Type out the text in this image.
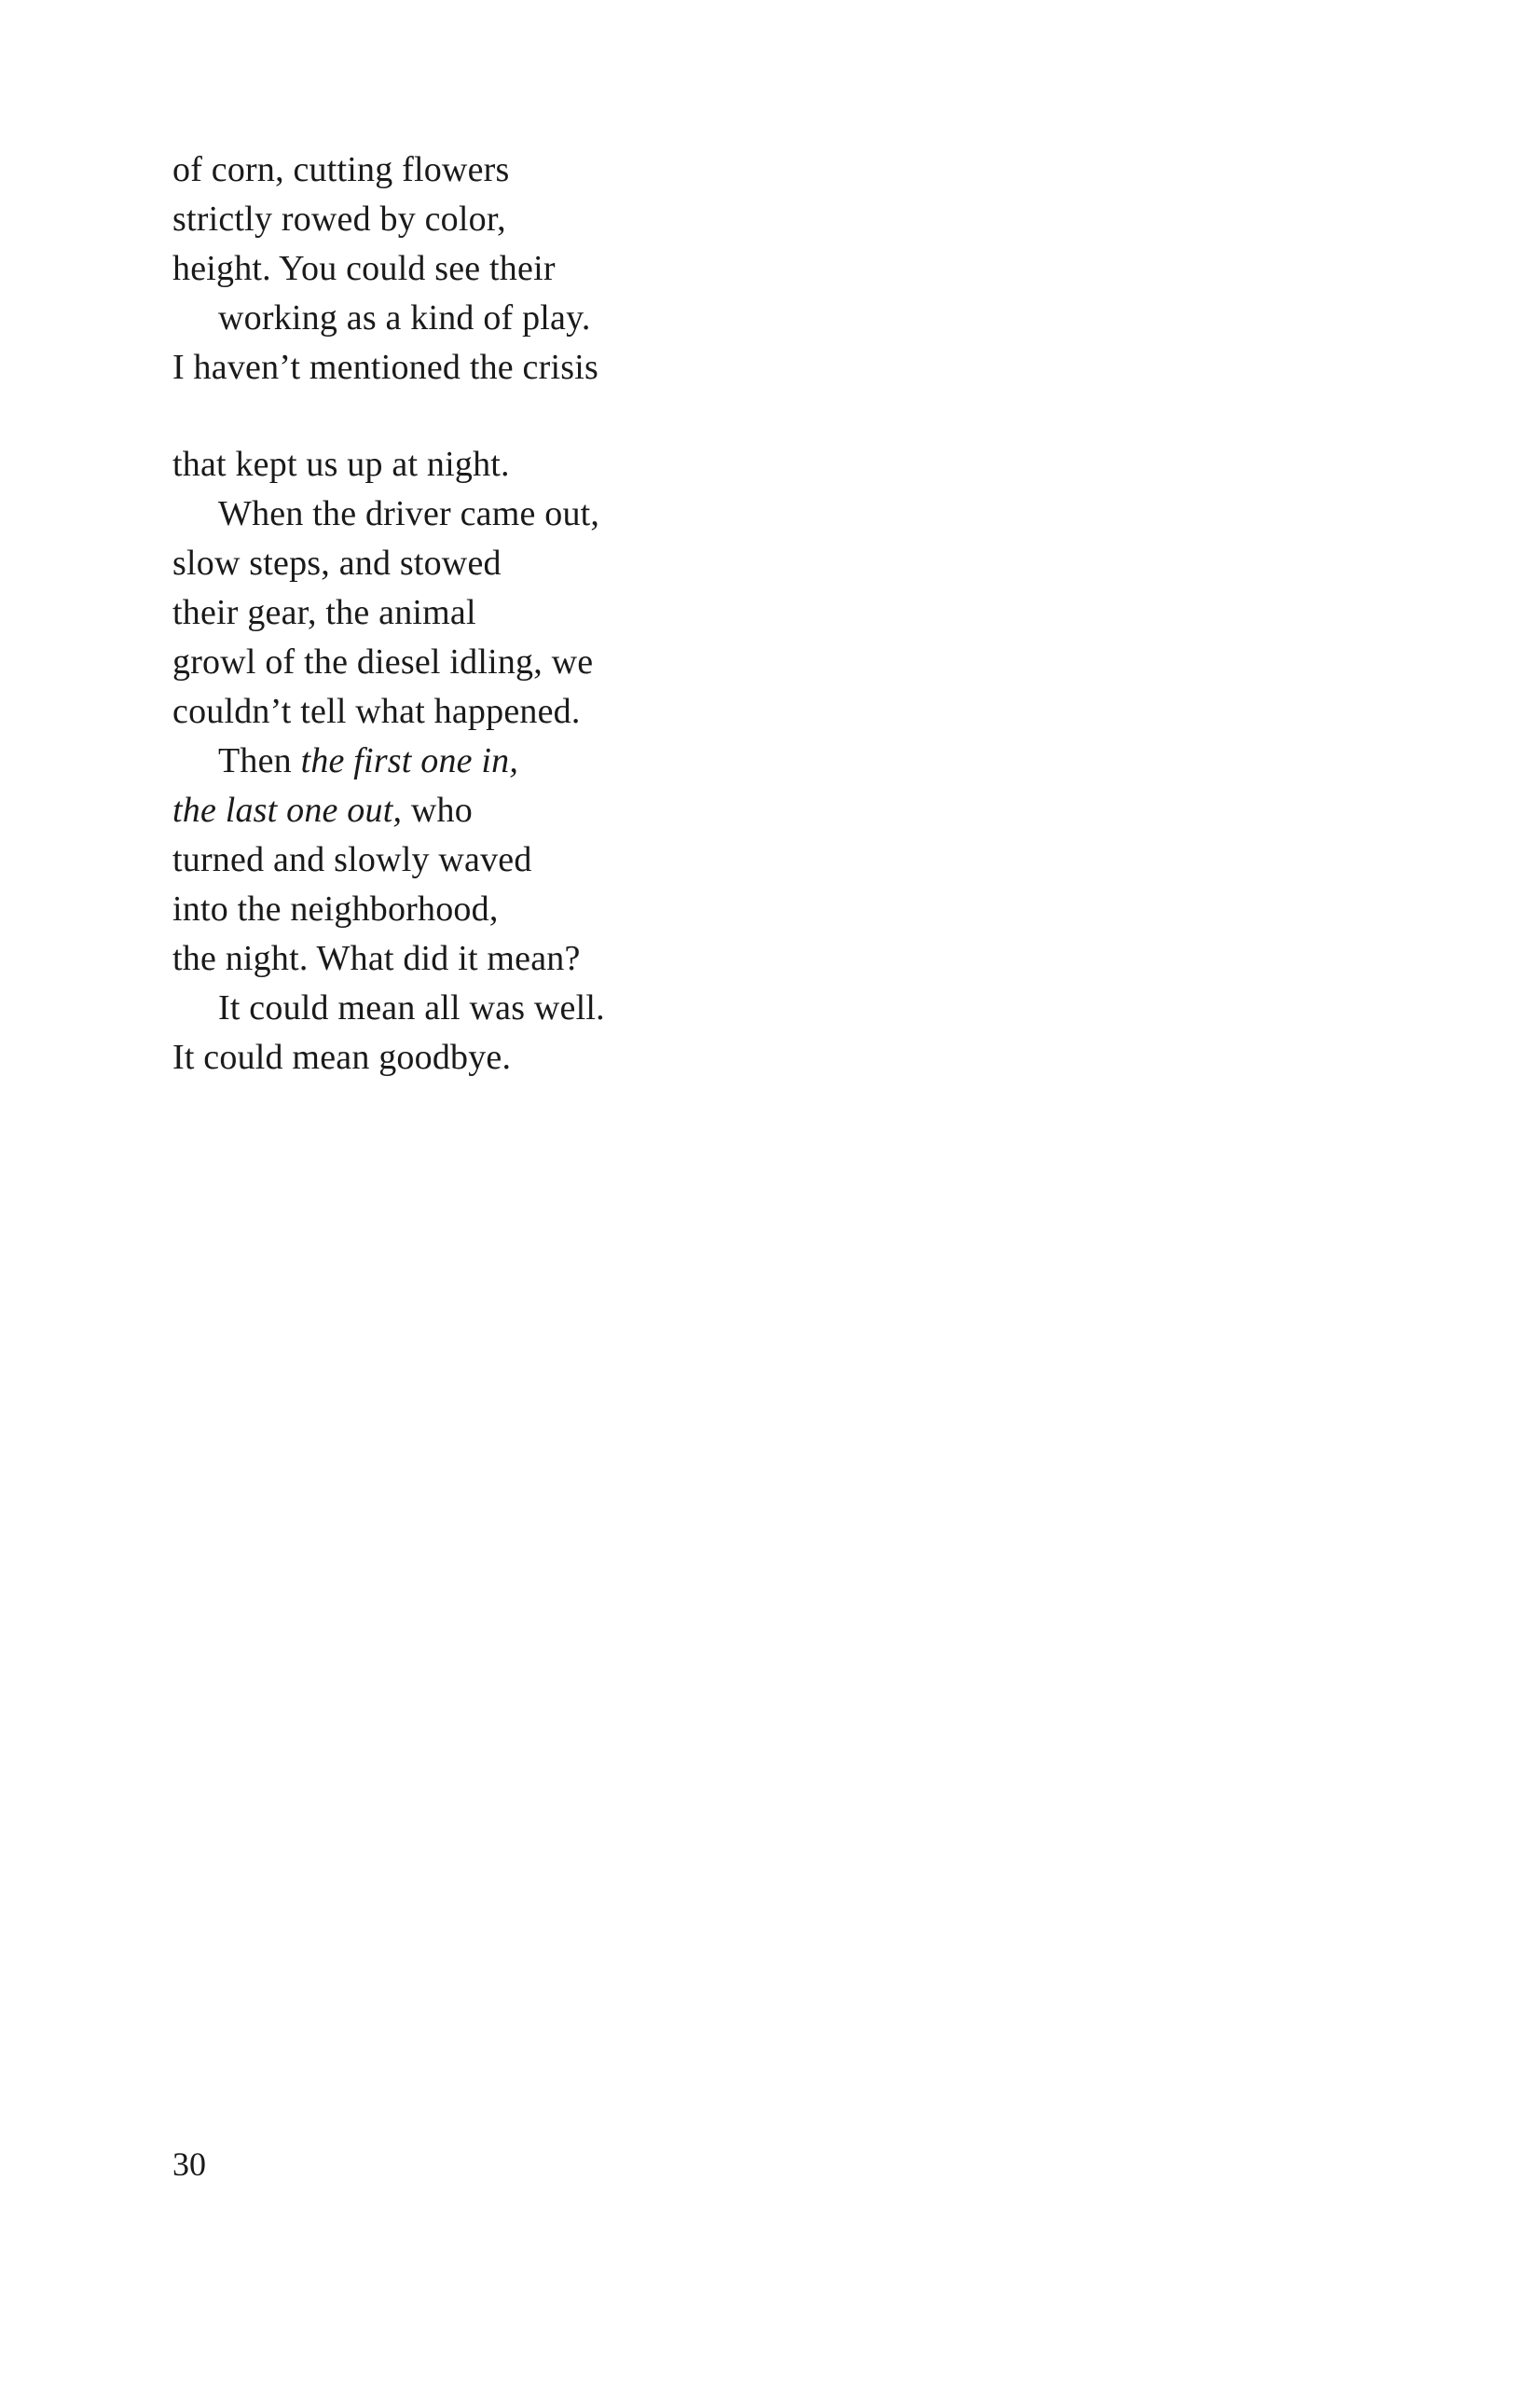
of corn, cutting flowers
strictly rowed by color,
height. You could see their
working as a kind of play.
I haven’t mentioned the crisis
that kept us up at night.
When the driver came out,
slow steps, and stowed
their gear, the animal
growl of the diesel idling, we
couldn’t tell what happened.
Then the first one in,
the last one out, who
turned and slowly waved
into the neighborhood,
the night. What did it mean?
It could mean all was well.
It could mean goodbye.
30
